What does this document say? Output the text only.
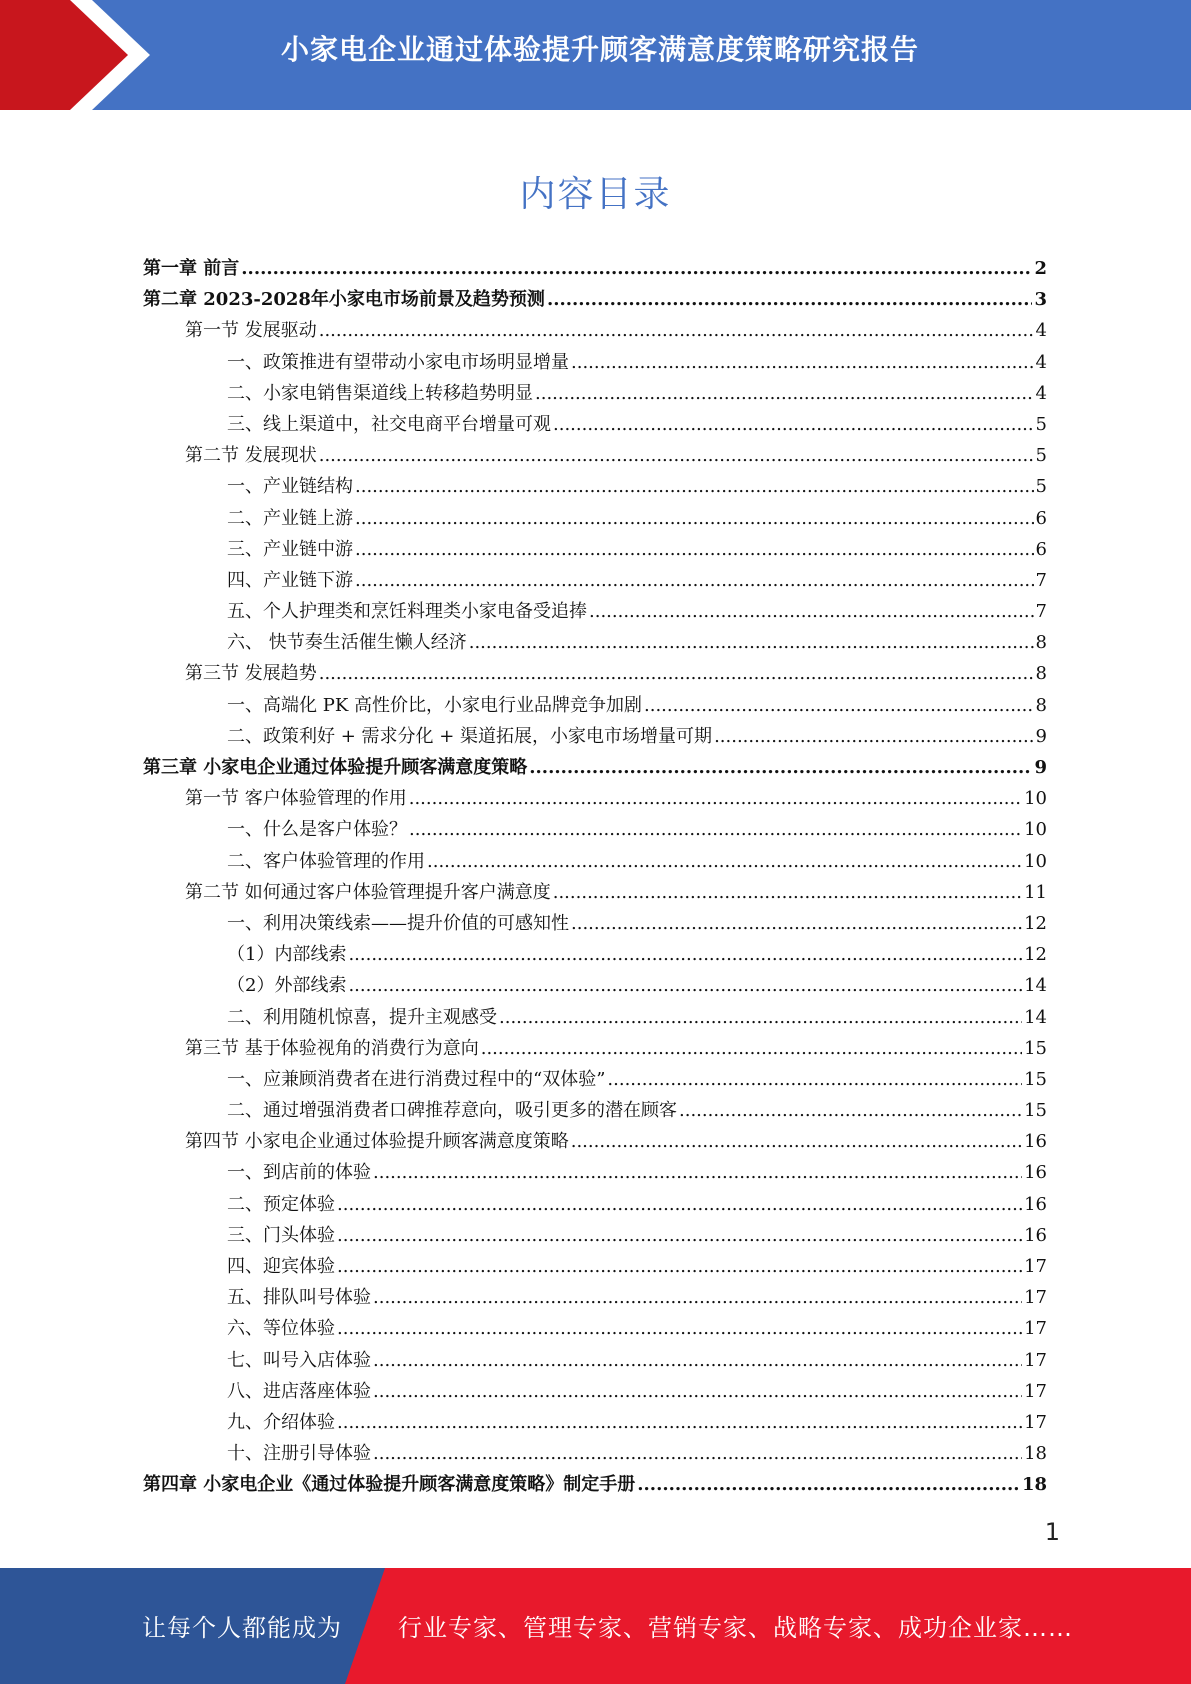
小家电企业通过体验提升顾客满意度策略研究报告
内容目录
第一章 前言 .....	2
第二章 2023-2028年小家电市场前景及趋势预测 .....	3
第一节 发展驱动 .....	4
一、政策推进有望带动小家电市场明显增量 .....	4
二、小家电销售渠道线上转移趋势明显 .....	4
三、线上渠道中，社交电商平台增量可观 .....	5
第二节 发展现状 .....	5
一、产业链结构 .....	5
二、产业链上游 .....	6
三、产业链中游 .....	6
四、产业链下游 .....	7
五、个人护理类和烹饪料理类小家电备受追捧 .....	7
六、 快节奏生活催生懒人经济 .....	8
第三节 发展趋势 .....	8
一、高端化 PK 高性价比，小家电行业品牌竞争加剧 .....	8
二、政策利好 + 需求分化 + 渠道拓展，小家电市场增量可期 .....	9
第三章 小家电企业通过体验提升顾客满意度策略 .....	9
第一节 客户体验管理的作用 .....	10
一、什么是客户体验？ .....	10
二、客户体验管理的作用 .....	10
第二节 如何通过客户体验管理提升客户满意度 .....	11
一、利用决策线索——提升价值的可感知性 .....	12
（1）内部线索 .....	12
（2）外部线索 .....	14
二、利用随机惊喜，提升主观感受 .....	14
第三节 基于体验视角的消费行为意向 .....	15
一、应兼顾消费者在进行消费过程中的“双体验” .....	15
二、通过增强消费者口碑推荐意向，吸引更多的潜在顾客 .....	15
第四节 小家电企业通过体验提升顾客满意度策略 .....	16
一、到店前的体验 .....	16
二、预定体验 .....	16
三、门头体验 .....	16
四、迎宾体验 .....	17
五、排队叫号体验 .....	17
六、等位体验 .....	17
七、叫号入店体验 .....	17
八、进店落座体验 .....	17
九、介绍体验 .....	17
十、注册引导体验 .....	18
第四章 小家电企业《通过体验提升顾客满意度策略》制定手册 .....	18
1
让每个人都能成为 行业专家、管理专家、营销专家、战略专家、成功企业家……
